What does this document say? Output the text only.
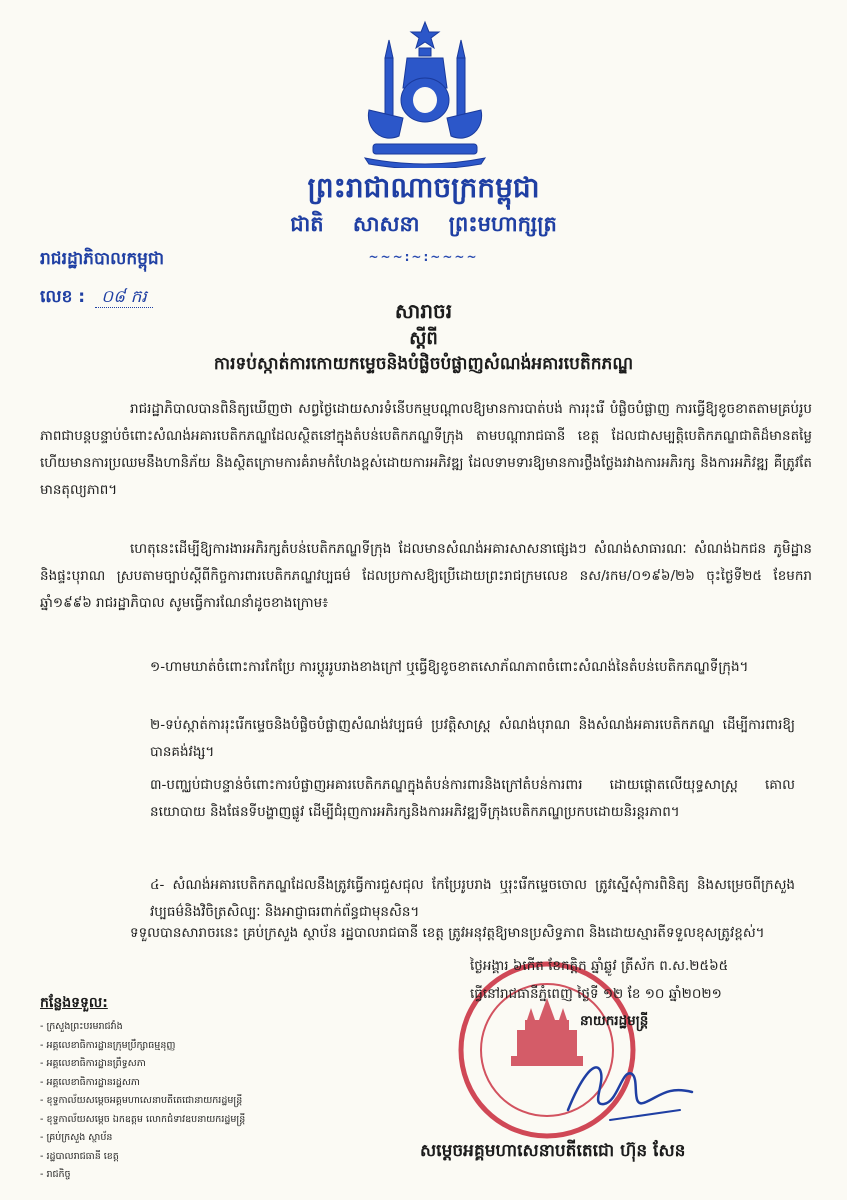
ព្រះរាជាណាចក្រកម្ពុជា
ជាតិ សាសនា ព្រះមហាក្សត្រ
~~~:~:~~~~
រាជរដ្ឋាភិបាលកម្ពុជា
លេខ : ០៨ ករ
សារាចរ
ស្តីពី
ការទប់ស្កាត់ការកោយកម្ទេចនិងបំផ្លិចបំផ្លាញសំណង់អគារបេតិកភណ្ឌ

រាជរដ្ឋាភិបាលបានពិនិត្យឃើញថា សព្វថ្ងៃដោយសារទំនើបកម្មបណ្តាលឱ្យមានការបាត់បង់ ការរុះរើ បំផ្លិចបំផ្លាញ ការធ្វើឱ្យខូចខាតតាមគ្រប់រូបភាពជាបន្តបន្ទាប់ចំពោះសំណង់អគារបេតិកភណ្ឌដែលស្ថិតនៅក្នុងតំបន់បេតិកភណ្ឌទីក្រុង តាមបណ្តារាជធានី ខេត្ត ដែលជាសម្បត្តិបេតិកភណ្ឌជាតិដ៏មានតម្លៃ ហើយមានការប្រឈមនឹងហានិភ័យ និងស្ថិតក្រោមការគំរាមកំហែងខ្ពស់ដោយការអភិវឌ្ឍ ដែលទាមទារឱ្យមានការថ្លឹងថ្លែងរវាងការអភិរក្ស និងការអភិវឌ្ឍ គឺត្រូវតែមានតុល្យភាព។

ហេតុនេះដើម្បីឱ្យការងារអភិរក្សតំបន់បេតិកភណ្ឌទីក្រុង ដែលមានសំណង់អគារសាសនាផ្សេងៗ សំណង់សាធារណៈ សំណង់ឯកជន ភូមិដ្ឋាន និងផ្ទះបុរាណ ស្របតាមច្បាប់ស្តីពីកិច្ចការពារបេតិកភណ្ឌវប្បធម៌ ដែលប្រកាសឱ្យប្រើដោយព្រះរាជក្រមលេខ នស/រកម/០១៩៦/២៦ ចុះថ្ងៃទី២៥ ខែមករា ឆ្នាំ១៩៩៦ រាជរដ្ឋាភិបាល សូមធ្វើការណែនាំដូចខាងក្រោម៖

១-ហាមឃាត់ចំពោះការកែប្រែ ការប្តូររូបរាងខាងក្រៅ ឬធ្វើឱ្យខូចខាតសោភ័ណភាពចំពោះសំណង់នៃតំបន់បេតិកភណ្ឌទីក្រុង។

២-ទប់ស្កាត់ការរុះរើកម្ទេចនិងបំផ្លិចបំផ្លាញសំណង់វប្បធម៌ ប្រវត្តិសាស្ត្រ សំណង់បុរាណ និងសំណង់អគារបេតិកភណ្ឌ ដើម្បីការពារឱ្យបានគង់វង្ស។

៣-បញ្ឈប់ជាបន្ទាន់ចំពោះការបំផ្លាញអគារបេតិកភណ្ឌក្នុងតំបន់ការពារនិងក្រៅតំបន់ការពារ ដោយផ្តោតលើយុទ្ធសាស្ត្រ គោលនយោបាយ និងផែនទីបង្ហាញផ្លូវ ដើម្បីជំរុញការអភិរក្សនិងការអភិវឌ្ឍទីក្រុងបេតិកភណ្ឌប្រកបដោយនិរន្តរភាព។

៤- សំណង់អគារបេតិកភណ្ឌដែលនឹងត្រូវធ្វើការជួសជុល កែប្រែរូបរាង ឬរុះរើកម្ទេចចោល ត្រូវស្នើសុំការពិនិត្យ និងសម្រេចពីក្រសួងវប្បធម៌និងវិចិត្រសិល្បៈ និងអាជ្ញាធរពាក់ព័ន្ធជាមុនសិន។

ទទួលបានសារាចរនេះ គ្រប់ក្រសួង ស្ថាប័ន រដ្ឋបាលរាជធានី ខេត្ត ត្រូវអនុវត្តឱ្យមានប្រសិទ្ធភាព និងដោយស្មារតីទទួលខុសត្រូវខ្ពស់។

ថ្ងៃអង្គារ ៦កើត ខែកត្តិក ឆ្នាំឆ្លូវ ត្រីស័ក ព.ស.២៥៦៥
ធ្វើនៅរាជធានីភ្នំពេញ ថ្ងៃទី ១២ ខែ ១០ ឆ្នាំ២០២១
នាយករដ្ឋមន្ត្រី
សម្តេចអគ្គមហាសេនាបតីតេជោ ហ៊ុន សែន
កន្លែងទទួល:
- ក្រសួងព្រះបរមរាជវាំង
- អគ្គលេខាធិការដ្ឋានក្រុមប្រឹក្សាធម្មនុញ្ញ
- អគ្គលេខាធិការដ្ឋានព្រឹទ្ធសភា
- អគ្គលេខាធិការដ្ឋានរដ្ឋសភា
- ខុទ្ទកាល័យសម្តេចអគ្គមហាសេនាបតីតេជោនាយករដ្ឋមន្ត្រី
- ខុទ្ទកាល័យសម្តេច ឯកឧត្តម លោកជំទាវឧបនាយករដ្ឋមន្ត្រី
- គ្រប់ក្រសួង ស្ថាប័ន
- រដ្ឋបាលរាជធានី ខេត្ត
- រាជកិច្ច
